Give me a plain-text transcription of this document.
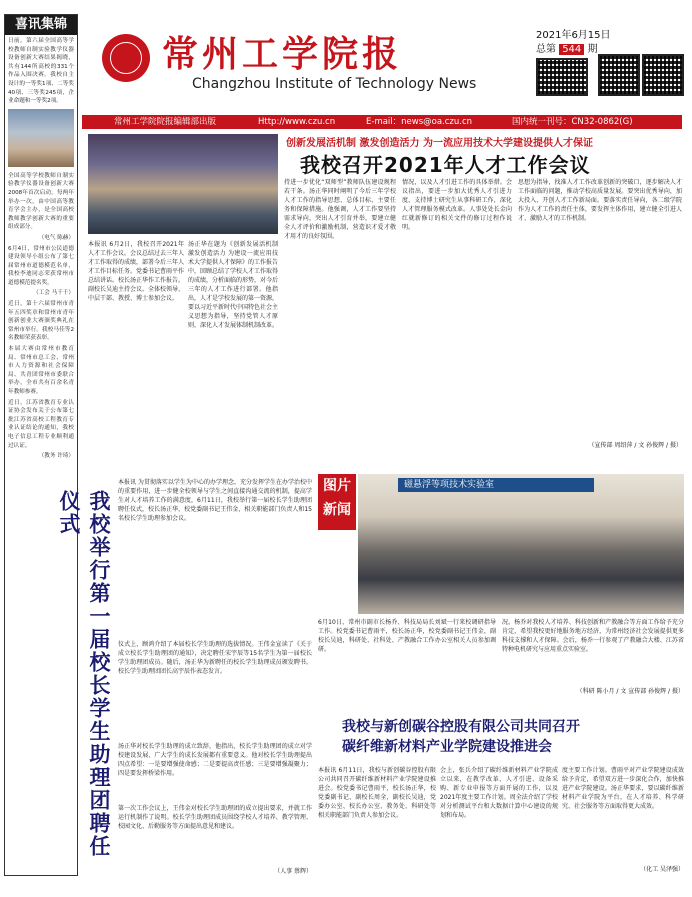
喜讯集锦
日前，第六届全国高等学校教师自制实验教学仪器设备创新大赛结果揭晓，共有144所高校的331个作品入围决赛。我校自主设计的一等奖1项、二等奖40项、三等奖245项，企业命题和一等奖2项。
全国高等学校教师自制实验教学仪器设备创新大赛2008年首次启动，每两年举办一次，由中国高等教育学会主办，是全国高校教师教学创新大赛的重要组成部分。
（电气 陈赫）
6月4日，常州市公民道德建设领导小组公布了第七届常州市道德模范名单，我校李迪同志荣获常州市道德模范提名奖。
（工会 马千千）
近日，第十六届常州市青年五四奖章和常州市青年创新创业大赛颁奖典礼在常州市举行。我校马佳等2名教师荣获表彰。
本届大赛由常州市教育局、常州市总工会、常州市人力资源和社会保障局、共青团常州市委联合举办，全市共有百余名青年教师参赛。
近日，江苏省教育专业认证协会发布关于公布第七批江苏省高校工程教育专业认证结论的通知，我校电子信息工程专业顺利通过认证。
（教务 许琦）
常州工学院报
Changzhou Institute of Technology News
2021年6月15日
总第 544 期
常州工学院院报编辑部出版	Http://www.czu.cn	E-mail：news@oa.czu.cn	国内统一刊号：CN32-0862(G)
创新发展活机制 激发创造活力 为一流应用技术大学建设提供人才保证
我校召开2021年人才工作会议
本报讯 6月2日，我校召开2021年人才工作会议。会议总结过去三年人才工作取得的成绩，部署今后三年人才工作目标任务。党委书记曹雨平作总结讲话。校长汤正华作工作报告。副校长吴迪主持会议。全体校领导、中层干部、教授、博士参加会议。
汤正华在题为《创新发展活机制 激发创造活力 为建设一流应用技术大学提供人才保障》的工作报告中，回顾总结了学校人才工作取得的成绩，分析面临的形势，对今后三年的人才工作进行部署。他指出，人才是学校发展的第一资源，要以习近平新时代中国特色社会主义思想为指导，坚持党管人才原则，深化人才发展体制机制改革。
持进一步优化“双师型”教师队伍建设规程若干条。汤正华同时阐明了今后三年学校人才工作的指导思想、总体目标、主要任务和保障措施。他强调，人才工作要坚持需求导向，突出人才引育并举，要建立健全人才评价和激励机制，营造识才爱才敬才用才的良好氛围。
情况，以及人才引进工作的具体举措。会议指出，要进一步加大优秀人才引进力度，支持博士研究生从事科研工作，深化人才管理服务模式改革。人事处处长金向红就新修订的相关文件的修订过程作说明。
思想为指导，找准人才工作改革创新的突破口，逐步解决人才工作面临的问题，推动学校高质量发展。要突出优秀导向，加大投入，开创人才工作新局面。要落实责任导向，各二级学院作为人才工作的责任主体，要发挥主体作用，建立健全引进人才、激励人才的工作机制。
（宣传部 周绍萍 / 文 孙俊辉 / 摄）
我校举行第一届校长学生助理团聘任仪式
本报讯 为贯彻落实以学生为中心的办学理念，充分发挥学生在办学治校中的重要作用，进一步健全校领导与学生之间直接沟通交流的机制，提高学生对人才培养工作的满意度，6月11日，我校举行第一届校长学生助理团聘任仪式，校长汤正华，校党委副书记王伟金，相关职能部门负责人和15名校长学生助理参加会议。
仪式上，顾鸿介绍了本届校长学生助理的选拔情况。王伟金宣读了《关于成立校长学生助理团的通知》，决定聘任宋宇辰等15名学生为第一届校长学生助理团成员。随后，汤正华为新聘任的校长学生助理成员颁发聘书。校长学生助理团团长高宇辰作表态发言。
汤正华对校长学生助理的成立致辞，他指出，校长学生助理团的成立对学校建设发展、广大学生的成长发展都有重要意义。他对校长学生助理提出四点希望：一是要增强使命感；二是要提高责任感；三是要增强凝聚力；四是要发挥桥梁作用。
第一次工作会议上，王伟金对校长学生助理团的成立提出要求，并就工作运行机制作了说明。校长学生助理团成员围绕学校人才培养、教学管理、校园文化、后勤服务等方面提出意见和建议。
（人事 蔡辉）
图片
新闻
磁悬浮等项技术实验室
6月10日，常州市副市长杨乔、科技局局长刘斌一行来校调研指导工作。校党委书记曹雨平，校长汤正华，校党委副书记王伟金，副校长吴迪，科研处、社科处、产教融合工作办公室相关人员参加调研。
况。杨乔对我校人才培养、科技创新和产教融合等方面工作给予充分肯定，希望我校更好地服务地方经济，为常州经济社会发展提供更多科技支撑和人才保障。会后，杨乔一行参观了产教融合大楼、江苏省特种电机研究与应用重点实验室。
（科研 陈小月 / 文 宣传部 孙俊辉 / 摄）
我校与新创碳谷控股有限公司共同召开
碳纤维新材料产业学院建设推进会
本报讯 6月11日，我校与新创碳谷控股有限公司共同召开碳纤维新材料产业学院建设推进会。校党委书记曹雨平，校长汤正华，校党委副书记、副校长周全，副校长吴迪，党委办公室、校长办公室、教务处、科研处等相关职能部门负责人参加会议。
会上，张兵介绍了碳纤维新材料产业学院成立以来，在教学改革、人才引进、设备采购、新专业申报等方面开展的工作，以及2021年度主要工作计划。周全法介绍了学校对分析测试平台和大数据计算中心建设的规划和布局。
度主要工作计划。曹雨平对产业学院建设成效给予肯定，希望双方进一步深化合作，加快推进产业学院建设。汤正华要求，要以碳纤维新材料产业学院为平台，在人才培养、科学研究、社会服务等方面取得更大成效。
（化工 吴泽强）
